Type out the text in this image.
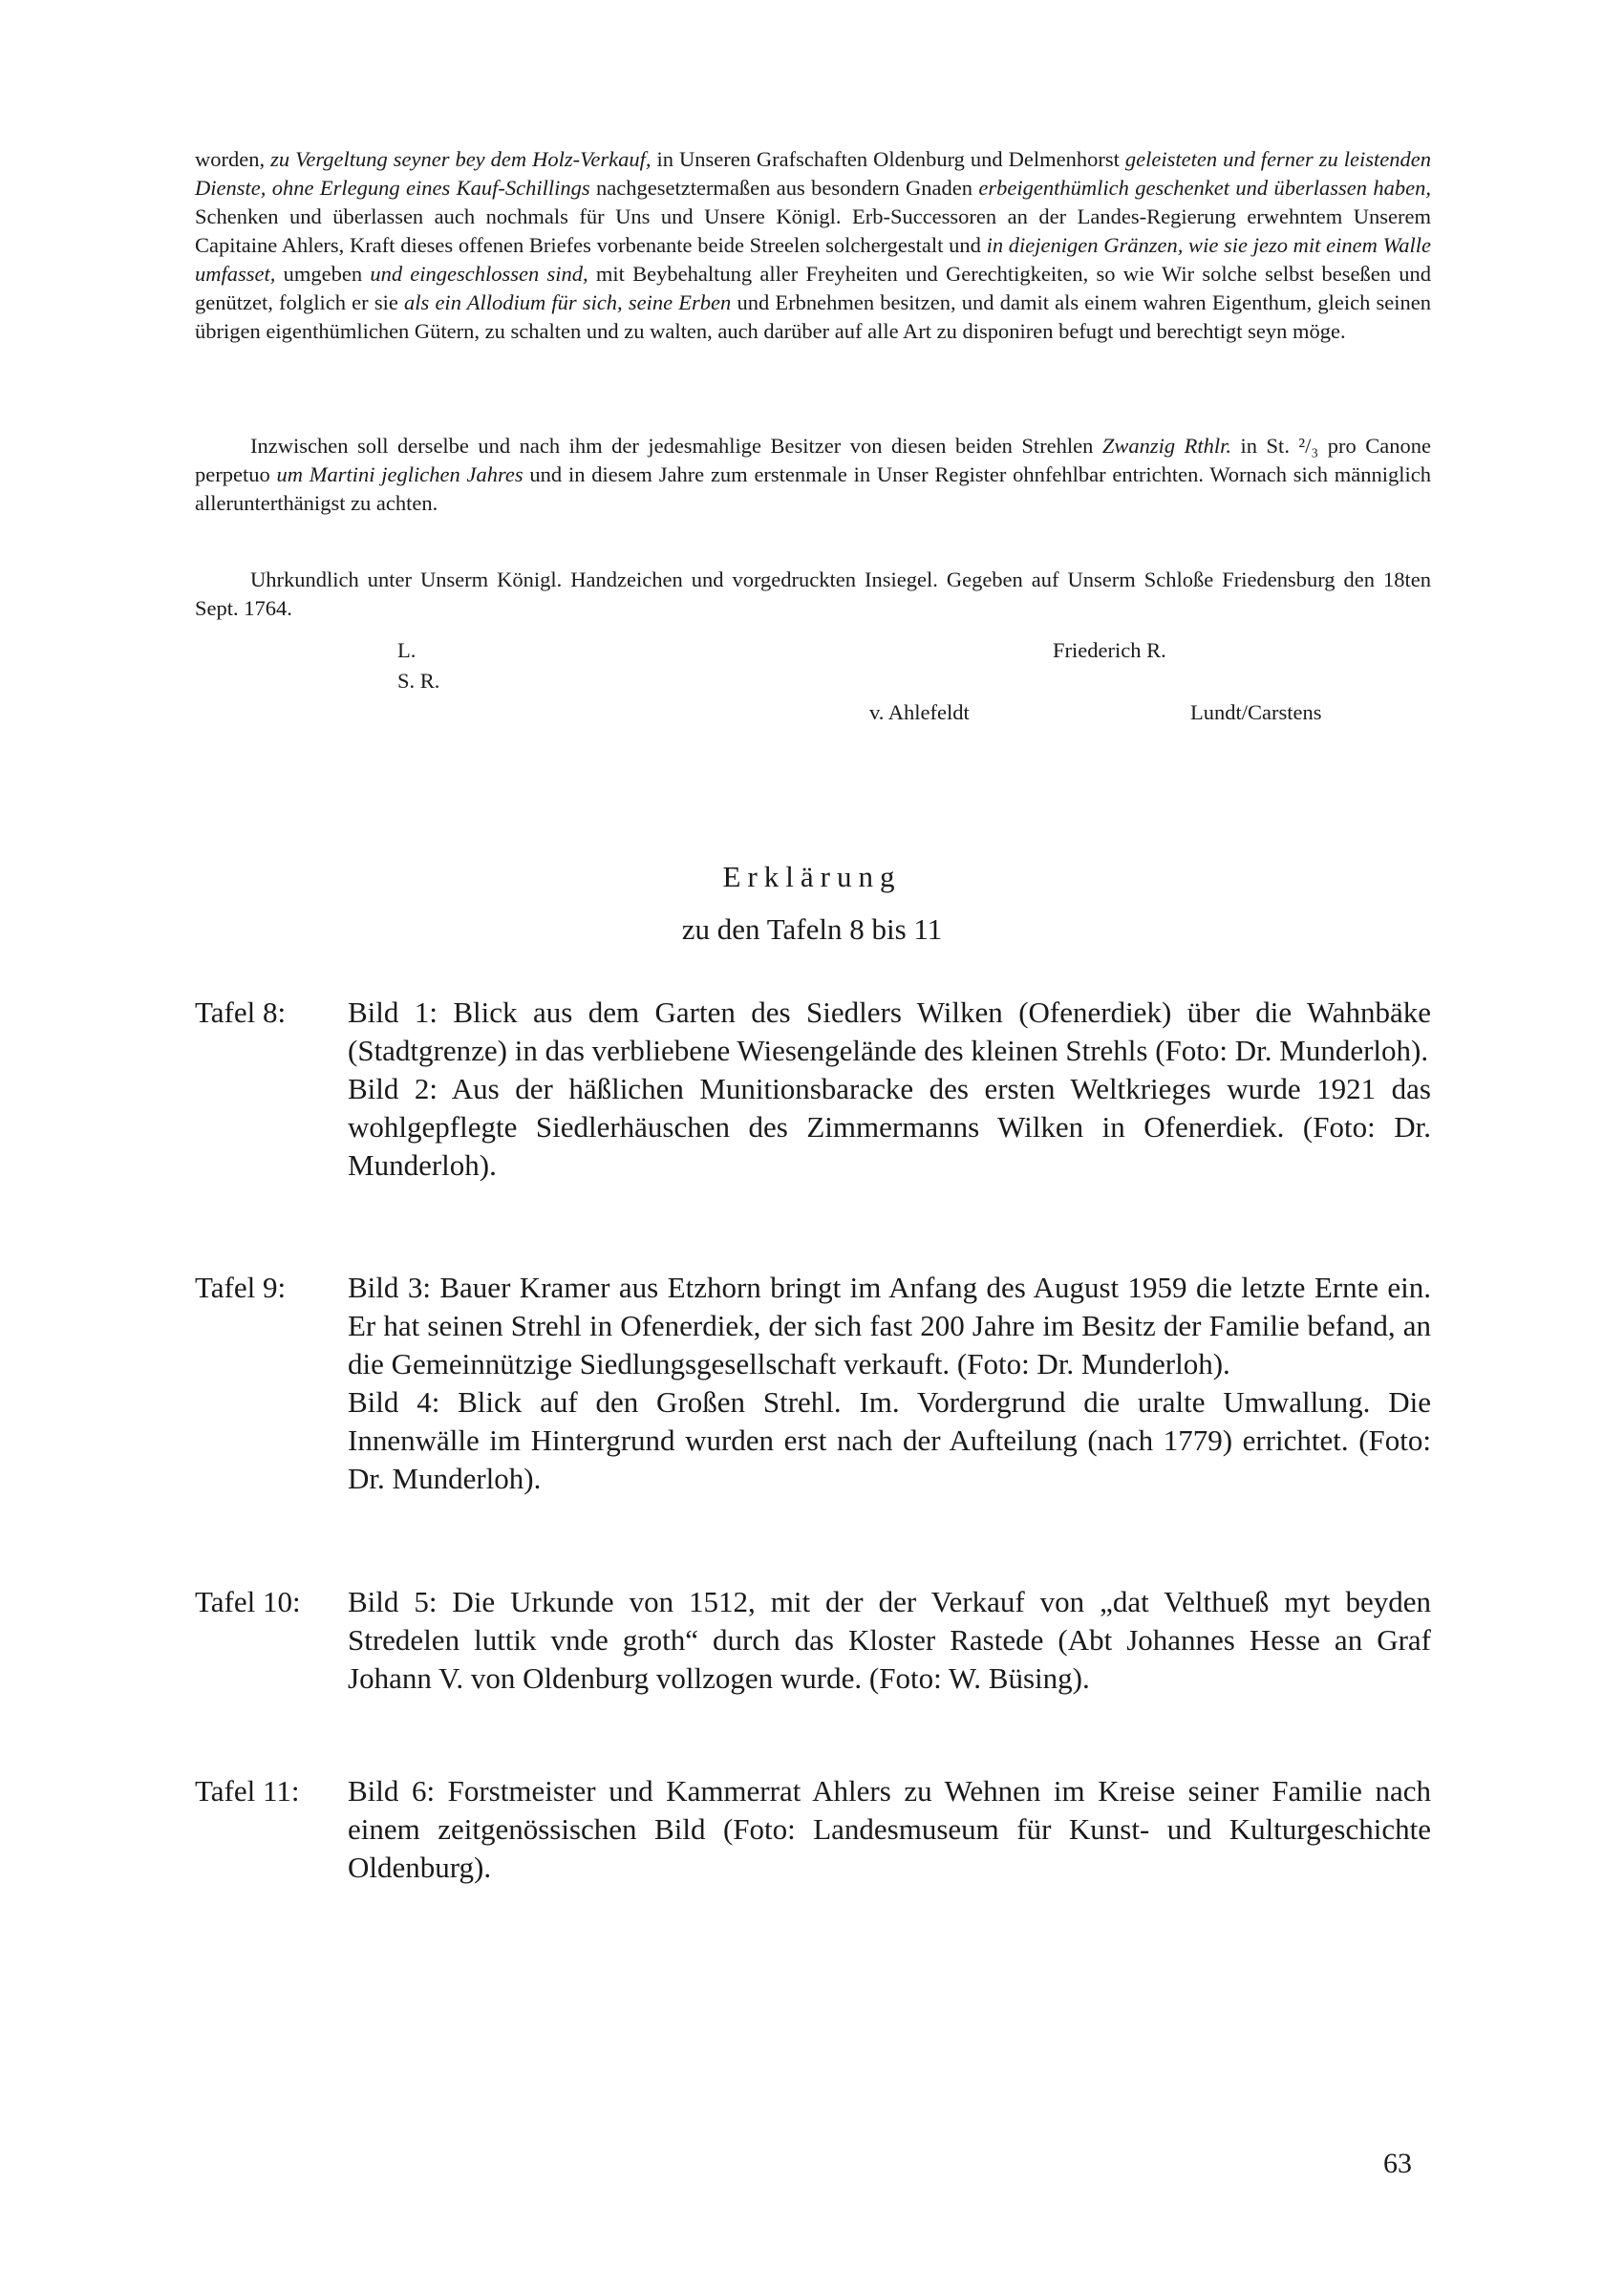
worden, zu Vergeltung seyner bey dem Holz-Verkauf, in Unseren Grafschaften Oldenburg und Delmenhorst geleisteten und ferner zu leistenden Dienste, ohne Erlegung eines Kauf-Schillings nachgesetztermaßen aus besondern Gnaden erbeigenthümlich geschenket und überlassen haben, Schenken und überlassen auch nochmals für Uns und Unsere Königl. Erb-Successoren an der Landes-Regierung erwehntem Unserem Capitaine Ahlers, Kraft dieses offenen Briefes vorbenante beide Streelen solchergestalt und in diejenigen Gränzen, wie sie jezo mit einem Walle umfasset, umgeben und eingeschlossen sind, mit Beybehaltung aller Freyheiten und Gerechtigkeiten, so wie Wir solche selbst beseßen und genützet, folglich er sie als ein Allodium für sich, seine Erben und Erbnehmen besitzen, und damit als einem wahren Eigenthum, gleich seinen übrigen eigenthümlichen Gütern, zu schalten und zu walten, auch darüber auf alle Art zu disponiren befugt und berechtigt seyn möge.

Inzwischen soll derselbe und nach ihm der jedesmahlige Besitzer von diesen beiden Strehlen Zwanzig Rthlr. in St. ²/₃ pro Canone perpetuo um Martini jeglichen Jahres und in diesem Jahre zum erstenmale in Unser Register ohnfehlbar entrichten. Wornach sich männiglich allerunterthänigst zu achten.

Uhrkundlich unter Unserm Königl. Handzeichen und vorgedruckten Insiegel. Gegeben auf Unserm Schloße Friedensburg den 18ten Sept. 1764.

L.	Friederich R.
S. R.
v. Ahlefeldt	Lundt/Carstens
Erklärung
zu den Tafeln 8 bis 11
Tafel 8: Bild 1: Blick aus dem Garten des Siedlers Wilken (Ofenerdiek) über die Wahnbäke (Stadtgrenze) in das verbliebene Wiesengelände des kleinen Strehls (Foto: Dr. Munderloh).

Bild 2: Aus der häßlichen Munitionsbaracke des ersten Weltkrieges wurde 1921 das wohlgepflegte Siedlerhäuschen des Zimmermanns Wilken in Ofenerdiek. (Foto: Dr. Munderloh).

Tafel 9: Bild 3: Bauer Kramer aus Etzhorn bringt im Anfang des August 1959 die letzte Ernte ein. Er hat seinen Strehl in Ofenerdiek, der sich fast 200 Jahre im Besitz der Familie befand, an die Gemeinnützige Siedlungsgesellschaft verkauft. (Foto: Dr. Munderloh).

Bild 4: Blick auf den Großen Strehl. Im. Vordergrund die uralte Umwallung. Die Innenwälle im Hintergrund wurden erst nach der Aufteilung (nach 1779) errichtet. (Foto: Dr. Munderloh).

Tafel 10: Bild 5: Die Urkunde von 1512, mit der der Verkauf von „dat Velthueß myt beyden Stredelen luttik vnde groth“ durch das Kloster Rastede (Abt Johannes Hesse an Graf Johann V. von Oldenburg vollzogen wurde. (Foto: W. Büsing).

Tafel 11: Bild 6: Forstmeister und Kammerrat Ahlers zu Wehnen im Kreise seiner Familie nach einem zeitgenössischen Bild (Foto: Landesmuseum für Kunst- und Kulturgeschichte Oldenburg).

63
